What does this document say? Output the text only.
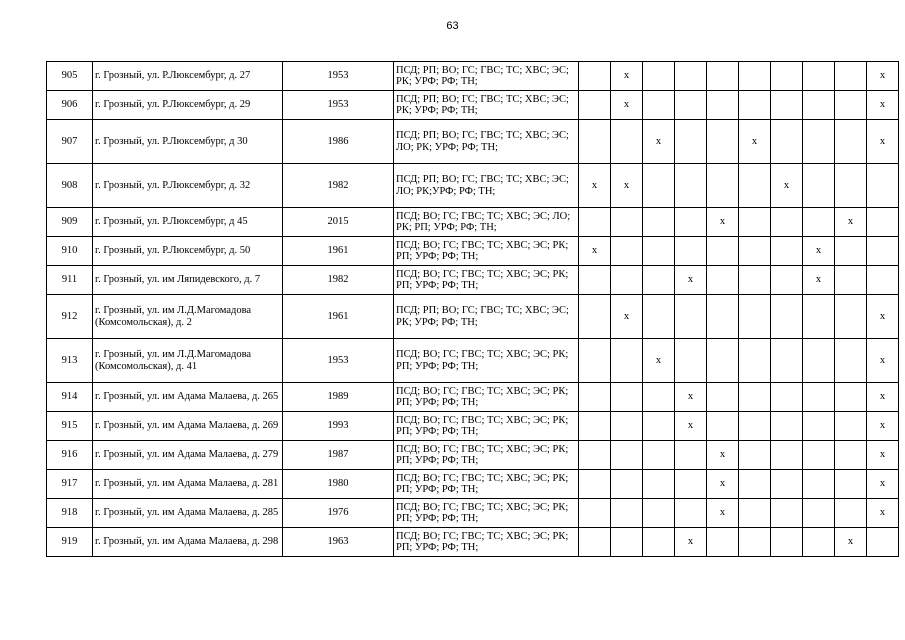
63
905	г. Грозный, ул. Р.Люксембург, д. 27	1953	ПСД; РП; ВО; ГС; ГВС; ТС; ХВС; ЭС; РК; УРФ; РФ; ТН;		х								х
906	г. Грозный, ул. Р.Люксембург, д. 29	1953	ПСД; РП; ВО; ГС; ГВС; ТС; ХВС; ЭС; РК; УРФ; РФ; ТН;		х								х
907	г. Грозный, ул. Р.Люксембург, д 30	1986	ПСД; РП; ВО; ГС; ГВС; ТС; ХВС; ЭС; ЛО; РК; УРФ; РФ; ТН;			х			х				х
908	г. Грозный, ул. Р.Люксембург, д. 32	1982	ПСД; РП; ВО; ГС; ГВС; ТС; ХВС; ЭС; ЛО; РК;УРФ; РФ; ТН;	х	х					х			
909	г. Грозный, ул. Р.Люксембург, д 45	2015	ПСД; ВО; ГС; ГВС; ТС; ХВС; ЭС; ЛО; РК; РП; УРФ; РФ; ТН;					х				х	
910	г. Грозный, ул. Р.Люксембург, д. 50	1961	ПСД; ВО; ГС; ГВС; ТС; ХВС; ЭС; РК; РП; УРФ; РФ; ТН;	х							х		
911	г. Грозный, ул. им Ляпидевского, д. 7	1982	ПСД; ВО; ГС; ГВС; ТС; ХВС; ЭС; РК; РП; УРФ; РФ; ТН;				х				х		
912	г. Грозный, ул. им Л.Д.Магомадова (Комсомольская), д. 2	1961	ПСД; РП; ВО; ГС; ГВС; ТС; ХВС; ЭС; РК; УРФ; РФ; ТН;		х								х
913	г. Грозный, ул. им Л.Д.Магомадова (Комсомольская), д. 41	1953	ПСД; ВО; ГС; ГВС; ТС; ХВС; ЭС; РК; РП; УРФ; РФ; ТН;			х							х
914	г. Грозный, ул. им Адама Малаева, д. 265	1989	ПСД; ВО; ГС; ГВС; ТС; ХВС; ЭС; РК; РП; УРФ; РФ; ТН;				х						х
915	г. Грозный, ул. им Адама Малаева, д. 269	1993	ПСД; ВО; ГС; ГВС; ТС; ХВС; ЭС; РК; РП; УРФ; РФ; ТН;				х						х
916	г. Грозный, ул. им Адама Малаева, д. 279	1987	ПСД; ВО; ГС; ГВС; ТС; ХВС; ЭС; РК; РП; УРФ; РФ; ТН;					х					х
917	г. Грозный, ул. им Адама Малаева, д. 281	1980	ПСД; ВО; ГС; ГВС; ТС; ХВС; ЭС; РК; РП; УРФ; РФ; ТН;					х					х
918	г. Грозный, ул. им Адама Малаева, д. 285	1976	ПСД; ВО; ГС; ГВС; ТС; ХВС; ЭС; РК; РП; УРФ; РФ; ТН;					х					х
919	г. Грозный, ул. им Адама Малаева, д. 298	1963	ПСД; ВО; ГС; ГВС; ТС; ХВС; ЭС; РК; РП; УРФ; РФ; ТН;				х					х	
